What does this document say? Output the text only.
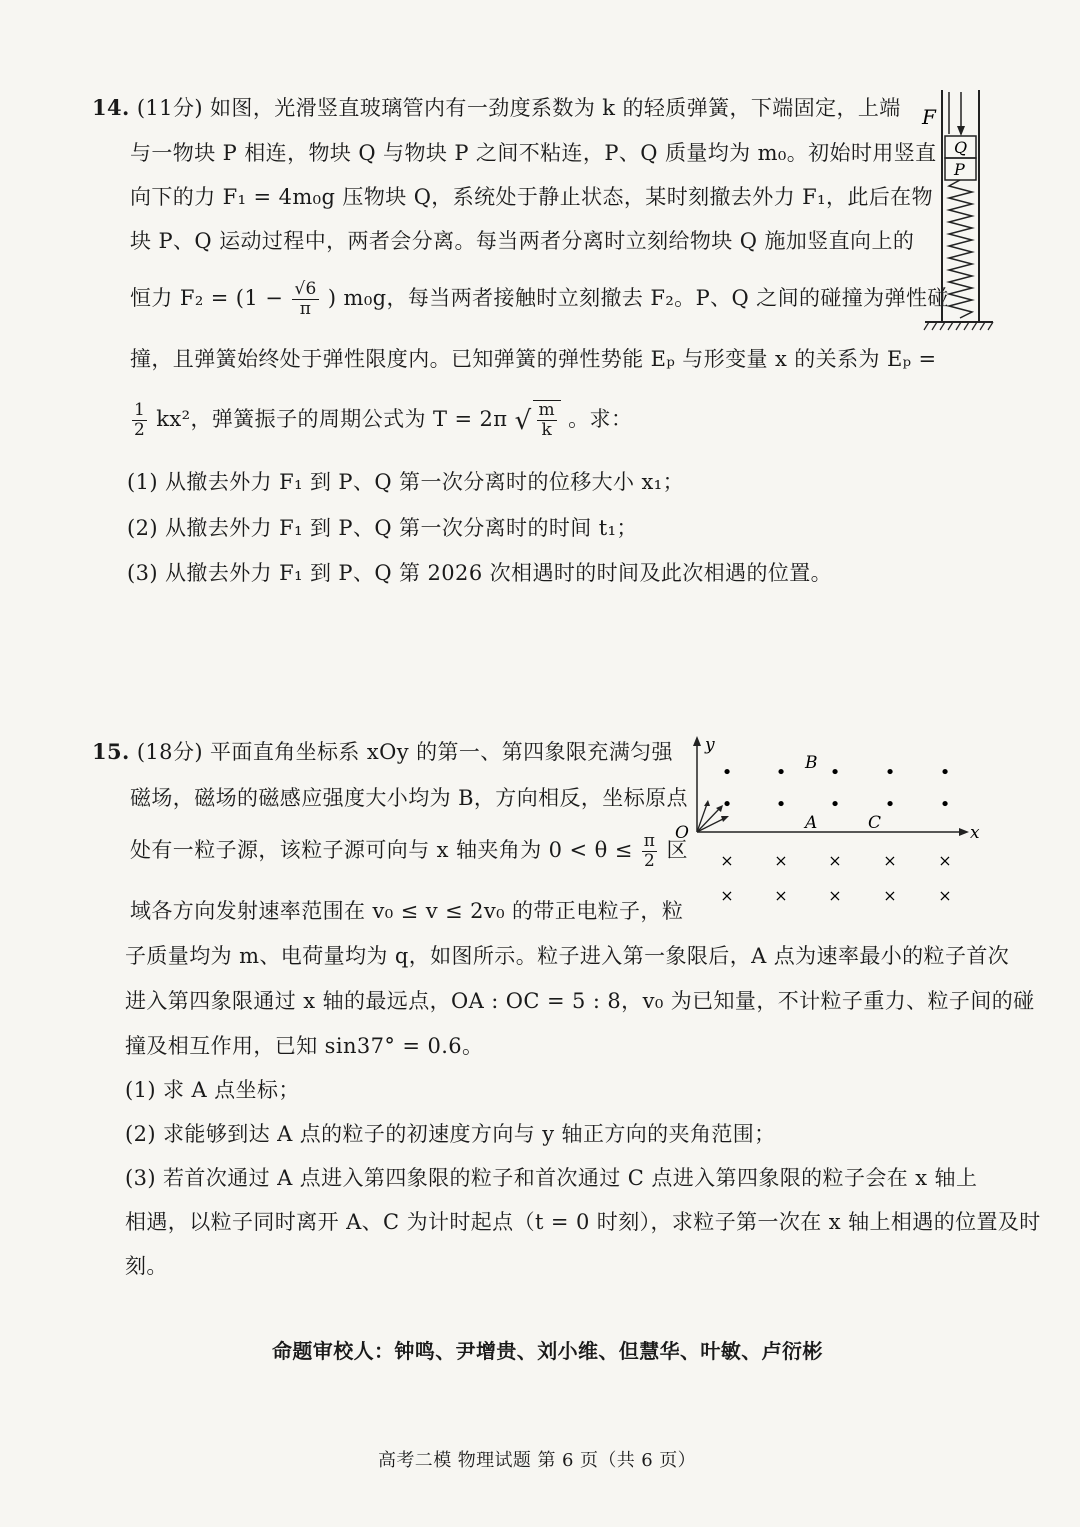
14. (11分) 如图，光滑竖直玻璃管内有一劲度系数为 k 的轻质弹簧，下端固定，上端
与一物块 P 相连，物块 Q 与物块 P 之间不粘连，P、Q 质量均为 m₀。初始时用竖直
向下的力 F₁ = 4m₀g 压物块 Q，系统处于静止状态，某时刻撤去外力 F₁，此后在物
块 P、Q 运动过程中，两者会分离。每当两者分离时立刻给物块 Q 施加竖直向上的
恒力 $F_2 = (1 - \frac{√6}{\pi}$ ) m₀g，每当两者接触时立刻撤去 F₂。P、Q 之间的碰撞为弹性碰
撞，且弹簧始终处于弹性限度内。已知弹簧的弹性势能 Eₚ 与形变量 x 的关系为 Eₚ =
$\frac{1}{2} kx^2$，弹簧振子的周期公式为 T = 2π √ $\frac{m}{k}$ 。求：
(1) 从撤去外力 F₁ 到 P、Q 第一次分离时的位移大小 x₁；
(2) 从撤去外力 F₁ 到 P、Q 第一次分离时的时间 t₁；
(3) 从撤去外力 F₁ 到 P、Q 第 2026 次相遇时的时间及此次相遇的位置。
F
Q
P
15. (18分) 平面直角坐标系 xOy 的第一、第四象限充满匀强
磁场，磁场的磁感应强度大小均为 B，方向相反，坐标原点
处有一粒子源，该粒子源可向与 x 轴夹角为 $0 < \theta \le \frac{\pi}{2}$ 区
域各方向发射速率范围在 v₀ ≤ v ≤ 2v₀ 的带正电粒子，粒
子质量均为 m、电荷量均为 q，如图所示。粒子进入第一象限后，A 点为速率最小的粒子首次
进入第四象限通过 x 轴的最远点，OA : OC = 5 : 8，v₀ 为已知量，不计粒子重力、粒子间的碰
撞及相互作用，已知 sin37° = 0.6。
(1) 求 A 点坐标；
(2) 求能够到达 A 点的粒子的初速度方向与 y 轴正方向的夹角范围；
(3) 若首次通过 A 点进入第四象限的粒子和首次通过 C 点进入第四象限的粒子会在 x 轴上
相遇，以粒子同时离开 A、C 为计时起点（t = 0 时刻），求粒子第一次在 x 轴上相遇的位置及时
刻。
y
x
O
• • • • •
• • • • •
B
A	C
×	×	×	×	×
×	×	×	×	×
命题审校人：钟鸣、尹增贵、刘小维、但慧华、叶敏、卢衍彬
高考二模 物理试题 第 6 页（共 6 页）
